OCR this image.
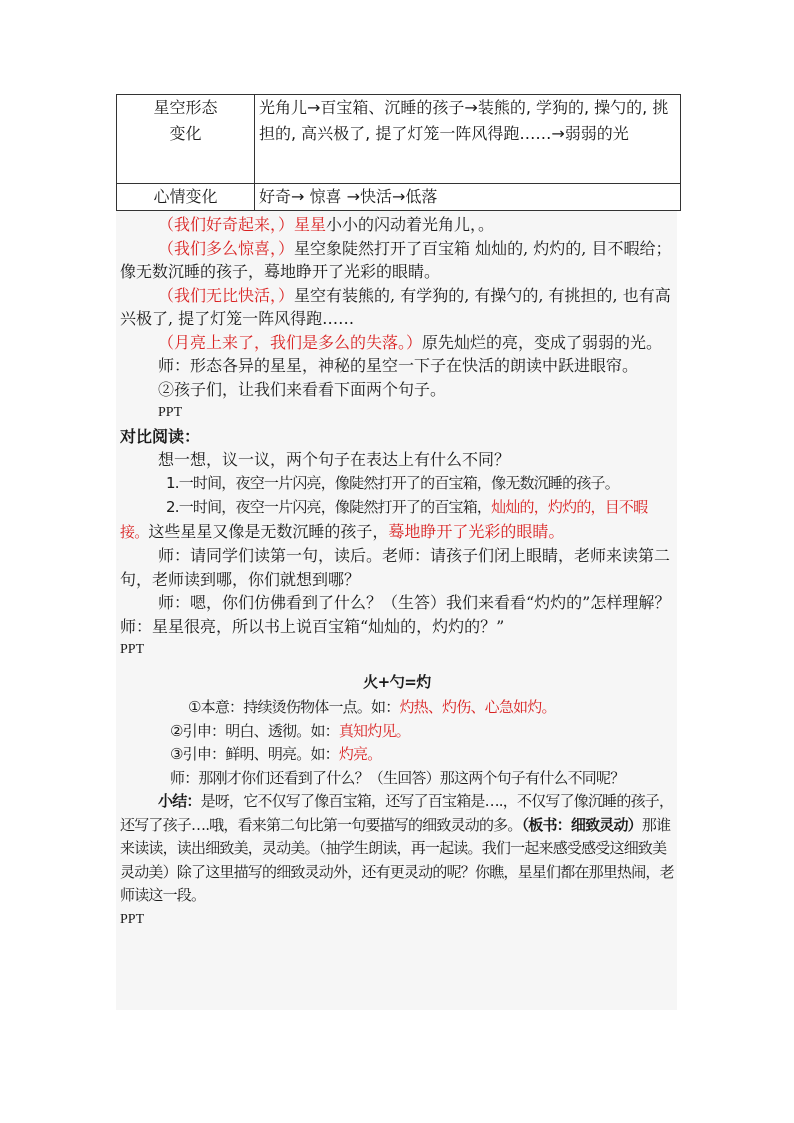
星空形态
变化	光角儿→百宝箱、沉睡的孩子→装熊的, 学狗的, 操勺的, 挑担的, 高兴极了, 提了灯笼一阵风得跑……→弱弱的光
心情变化	好奇→ 惊喜 →快活→低落

（我们好奇起来，）星星小小的闪动着光角儿，。

（我们多么惊喜，）星空象陡然打开了百宝箱 灿灿的, 灼灼的, 目不暇给；像无数沉睡的孩子，蓦地睁开了光彩的眼睛。

（我们无比快活，）星空有装熊的, 有学狗的, 有操勺的, 有挑担的, 也有高兴极了, 提了灯笼一阵风得跑……

（月亮上来了，我们是多么的失落。）原先灿烂的亮，变成了弱弱的光。

师：形态各异的星星，神秘的星空一下子在快活的朗读中跃进眼帘。

②孩子们，让我们来看看下面两个句子。

PPT

对比阅读：

想一想，议一议，两个句子在表达上有什么不同？

1.一时间，夜空一片闪亮，像陡然打开了的百宝箱，像无数沉睡的孩子。

2.一时间，夜空一片闪亮，像陡然打开了的百宝箱，灿灿的，灼灼的，目不暇接。这些星星又像是无数沉睡的孩子，蓦地睁开了光彩的眼睛。

师：请同学们读第一句，读后。老师：请孩子们闭上眼睛，老师来读第二句，老师读到哪，你们就想到哪？

师：嗯，你们仿佛看到了什么？（生答）我们来看看“灼灼的”怎样理解？师：星星很亮，所以书上说百宝箱“灿灿的，灼灼的？”

PPT

火+勺=灼

①本意：持续烫伤物体一点。如：灼热、灼伤、心急如灼。

②引申：明白、透彻。如：真知灼见。

③引申：鲜明、明亮。如：灼亮。

师：那刚才你们还看到了什么？（生回答）那这两个句子有什么不同呢？

小结：是呀，它不仅写了像百宝箱，还写了百宝箱是….，不仅写了像沉睡的孩子，还写了孩子….哦，看来第二句比第一句要描写的细致灵动的多。（板书：细致灵动）那谁来读读，读出细致美，灵动美。（抽学生朗读，再一起读。我们一起来感受感受这细致美灵动美）除了这里描写的细致灵动外，还有更灵动的呢？你瞧，星星们都在那里热闹，老师读这一段。

PPT
